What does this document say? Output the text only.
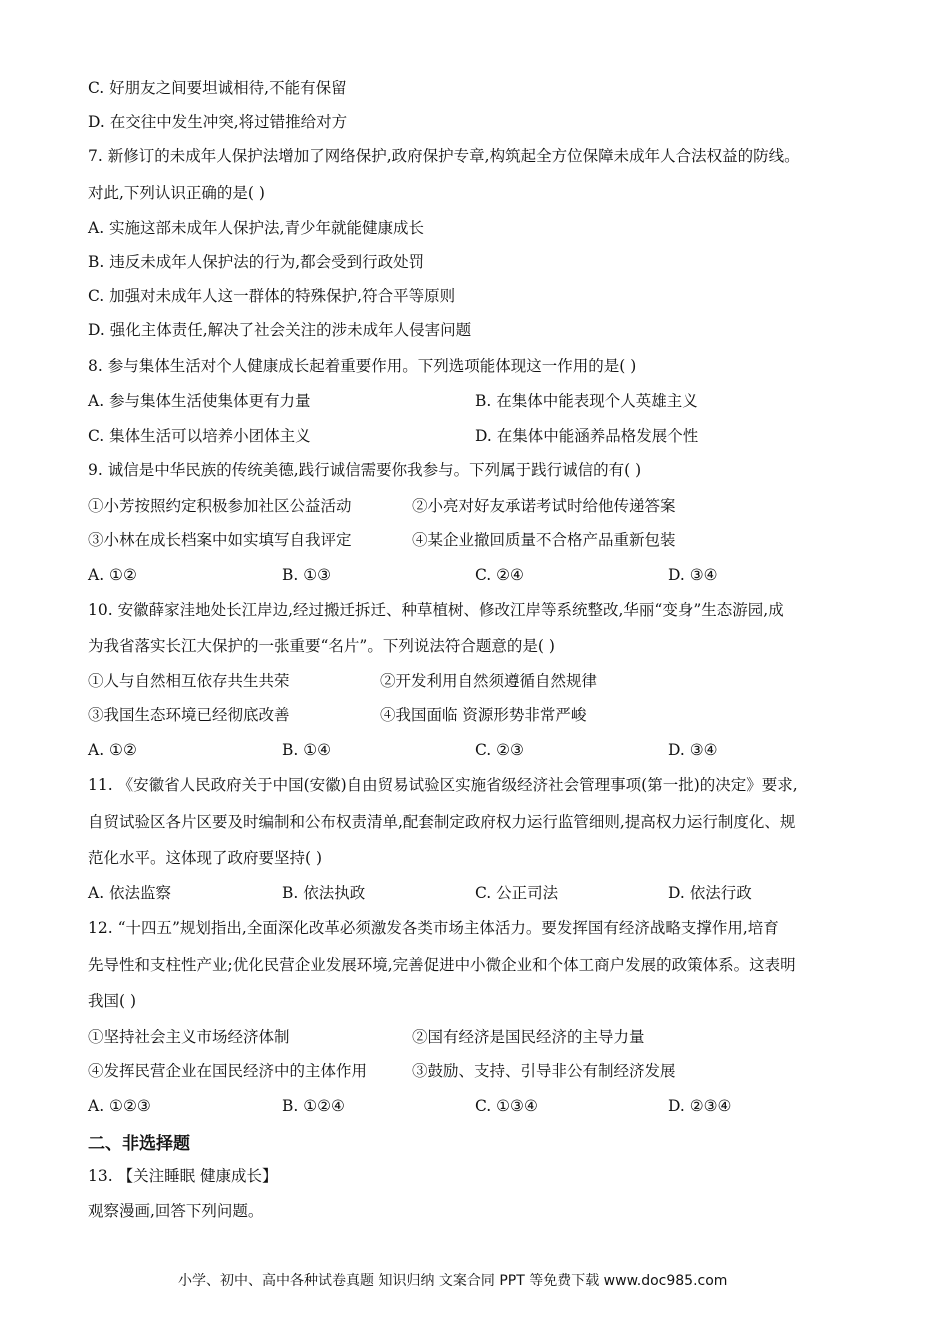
C. 好朋友之间要坦诚相待,不能有保留
D. 在交往中发生冲突,将过错推给对方
7. 新修订的未成年人保护法增加了网络保护,政府保护专章,构筑起全方位保障未成年人合法权益的防线。
对此,下列认识正确的是( )
A. 实施这部未成年人保护法,青少年就能健康成长
B. 违反未成年人保护法的行为,都会受到行政处罚
C. 加强对未成年人这一群体的特殊保护,符合平等原则
D. 强化主体责任,解决了社会关注的涉未成年人侵害问题
8. 参与集体生活对个人健康成长起着重要作用。下列选项能体现这一作用的是( )
A. 参与集体生活使集体更有力量	B. 在集体中能表现个人英雄主义
C. 集体生活可以培养小团体主义	D. 在集体中能涵养品格发展个性
9. 诚信是中华民族的传统美德,践行诚信需要你我参与。下列属于践行诚信的有( )
①小芳按照约定积极参加社区公益活动	②小亮对好友承诺考试时给他传递答案
③小林在成长档案中如实填写自我评定	④某企业撤回质量不合格产品重新包装
A. ①②	B. ①③	C. ②④	D. ③④
10. 安徽薛家洼地处长江岸边,经过搬迁拆迁、种草植树、修改江岸等系统整改,华丽“变身”生态游园,成
为我省落实长江大保护的一张重要“名片”。下列说法符合题意的是( )
①人与自然相互依存共生共荣	②开发利用自然须遵循自然规律
③我国生态环境已经彻底改善	④我国面临 资源形势非常严峻
A. ①②	B. ①④	C. ②③	D. ③④
11. 《安徽省人民政府关于中国(安徽)自由贸易试验区实施省级经济社会管理事项(第一批)的决定》要求,
自贸试验区各片区要及时编制和公布权责清单,配套制定政府权力运行监管细则,提高权力运行制度化、规
范化水平。这体现了政府要坚持( )
A. 依法监察	B. 依法执政	C. 公正司法	D. 依法行政
12. “十四五”规划指出,全面深化改革必须激发各类市场主体活力。要发挥国有经济战略支撑作用,培育
先导性和支柱性产业;优化民营企业发展环境,完善促进中小微企业和个体工商户发展的政策体系。这表明
我国( )
①坚持社会主义市场经济体制	②国有经济是国民经济的主导力量
④发挥民营企业在国民经济中的主体作用	③鼓励、支持、引导非公有制经济发展
A. ①②③	B. ①②④	C. ①③④	D. ②③④
二、非选择题
13. 【关注睡眠 健康成长】
观察漫画,回答下列问题。
小学、初中、高中各种试卷真题 知识归纳 文案合同 PPT 等免费下载 www.doc985.com
